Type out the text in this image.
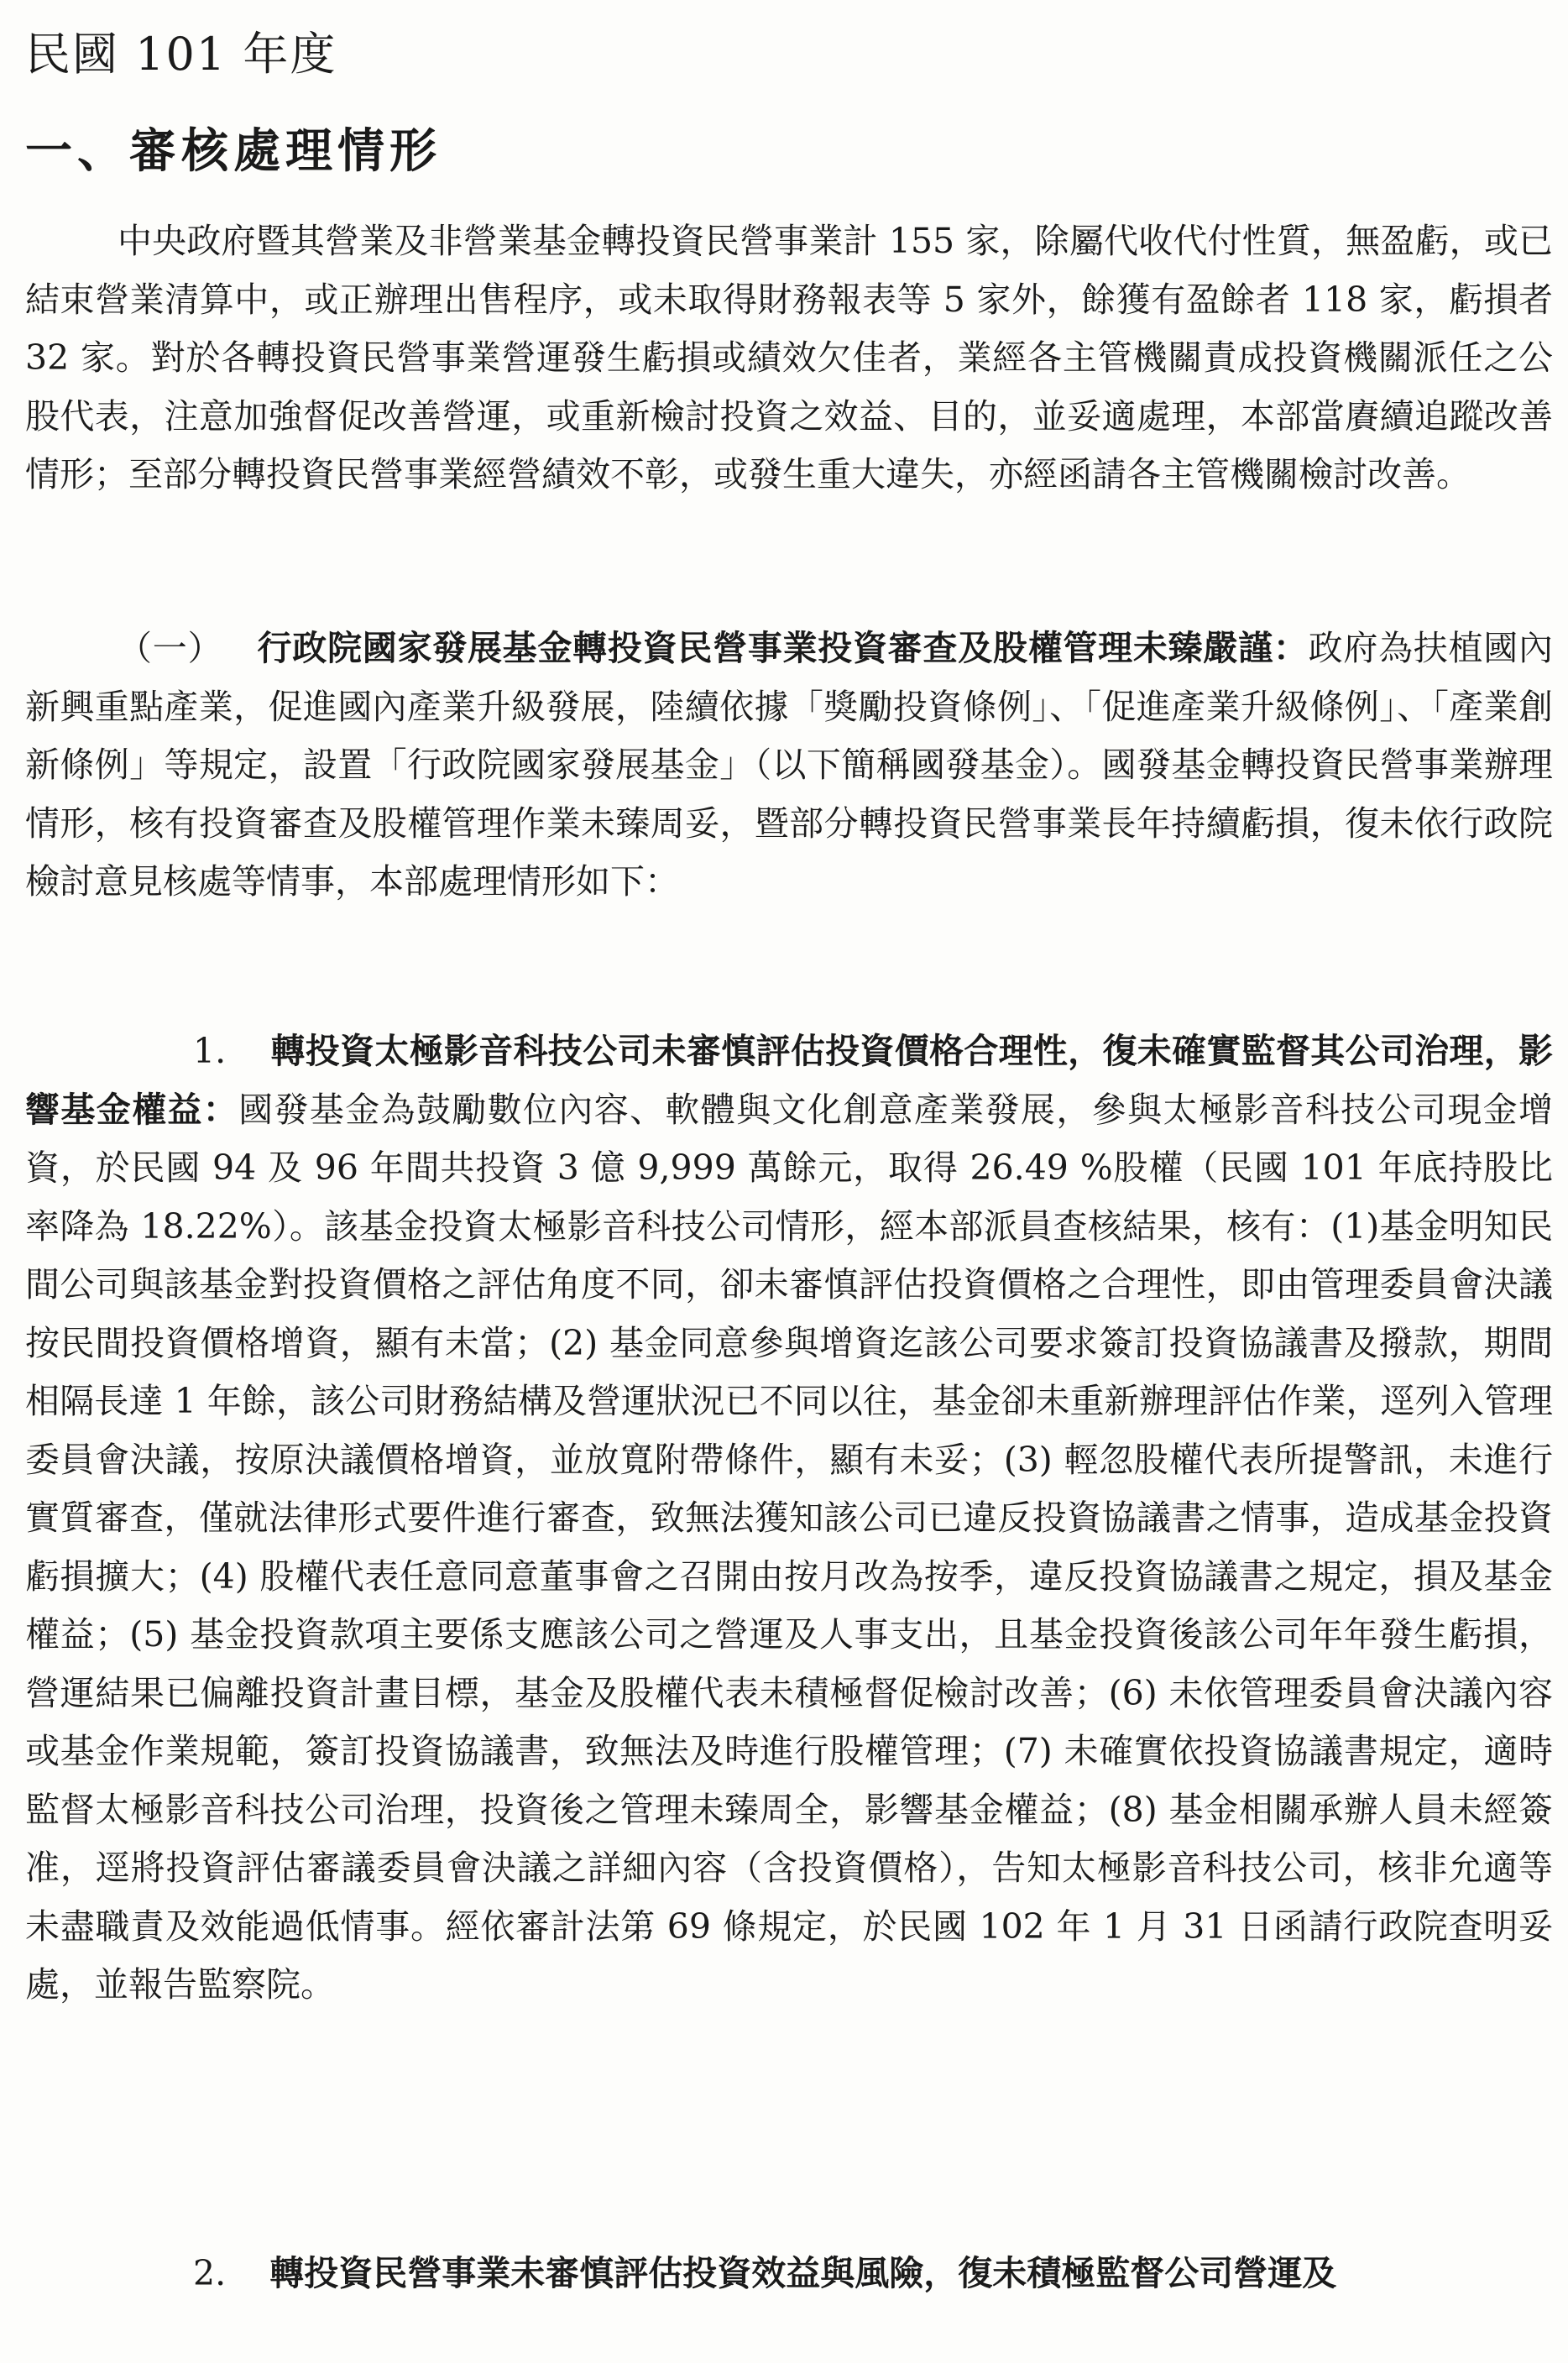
民國 101 年度
一、審核處理情形

中央政府暨其營業及非營業基金轉投資民營事業計 155 家，除屬代收代付性質，無盈虧，或已結束營業清算中，或正辦理出售程序，或未取得財務報表等 5 家外，餘獲有盈餘者 118 家，虧損者 32 家。對於各轉投資民營事業營運發生虧損或績效欠佳者，業經各主管機關責成投資機關派任之公股代表，注意加強督促改善營運，或重新檢討投資之效益、目的，並妥適處理，本部當賡續追蹤改善情形；至部分轉投資民營事業經營績效不彰，或發生重大違失，亦經函請各主管機關檢討改善。

（一） 行政院國家發展基金轉投資民營事業投資審查及股權管理未臻嚴謹：政府為扶植國內新興重點產業，促進國內產業升級發展，陸續依據「獎勵投資條例」、「促進產業升級條例」、「產業創新條例」等規定，設置「行政院國家發展基金」（以下簡稱國發基金）。國發基金轉投資民營事業辦理情形，核有投資審查及股權管理作業未臻周妥，暨部分轉投資民營事業長年持續虧損，復未依行政院檢討意見核處等情事，本部處理情形如下：

1. 轉投資太極影音科技公司未審慎評估投資價格合理性，復未確實監督其公司治理，影響基金權益：國發基金為鼓勵數位內容、軟體與文化創意產業發展，參與太極影音科技公司現金增資，於民國 94 及 96 年間共投資 3 億 9,999 萬餘元，取得 26.49 %股權（民國 101 年底持股比率降為 18.22%）。該基金投資太極影音科技公司情形，經本部派員查核結果，核有：(1)基金明知民間公司與該基金對投資價格之評估角度不同，卻未審慎評估投資價格之合理性，即由管理委員會決議按民間投資價格增資，顯有未當；(2) 基金同意參與增資迄該公司要求簽訂投資協議書及撥款，期間相隔長達 1 年餘，該公司財務結構及營運狀況已不同以往，基金卻未重新辦理評估作業，逕列入管理委員會決議，按原決議價格增資，並放寬附帶條件，顯有未妥；(3) 輕忽股權代表所提警訊，未進行實質審查，僅就法律形式要件進行審查，致無法獲知該公司已違反投資協議書之情事，造成基金投資虧損擴大；(4) 股權代表任意同意董事會之召開由按月改為按季，違反投資協議書之規定，損及基金權益；(5) 基金投資款項主要係支應該公司之營運及人事支出，且基金投資後該公司年年發生虧損，營運結果已偏離投資計畫目標，基金及股權代表未積極督促檢討改善；(6) 未依管理委員會決議內容或基金作業規範，簽訂投資協議書，致無法及時進行股權管理；(7) 未確實依投資協議書規定，適時監督太極影音科技公司治理，投資後之管理未臻周全，影響基金權益；(8) 基金相關承辦人員未經簽准，逕將投資評估審議委員會決議之詳細內容（含投資價格），告知太極影音科技公司，核非允適等未盡職責及效能過低情事。經依審計法第 69 條規定，於民國 102 年 1 月 31 日函請行政院查明妥處，並報告監察院。

2. 轉投資民營事業未審慎評估投資效益與風險，復未積極監督公司營運及
